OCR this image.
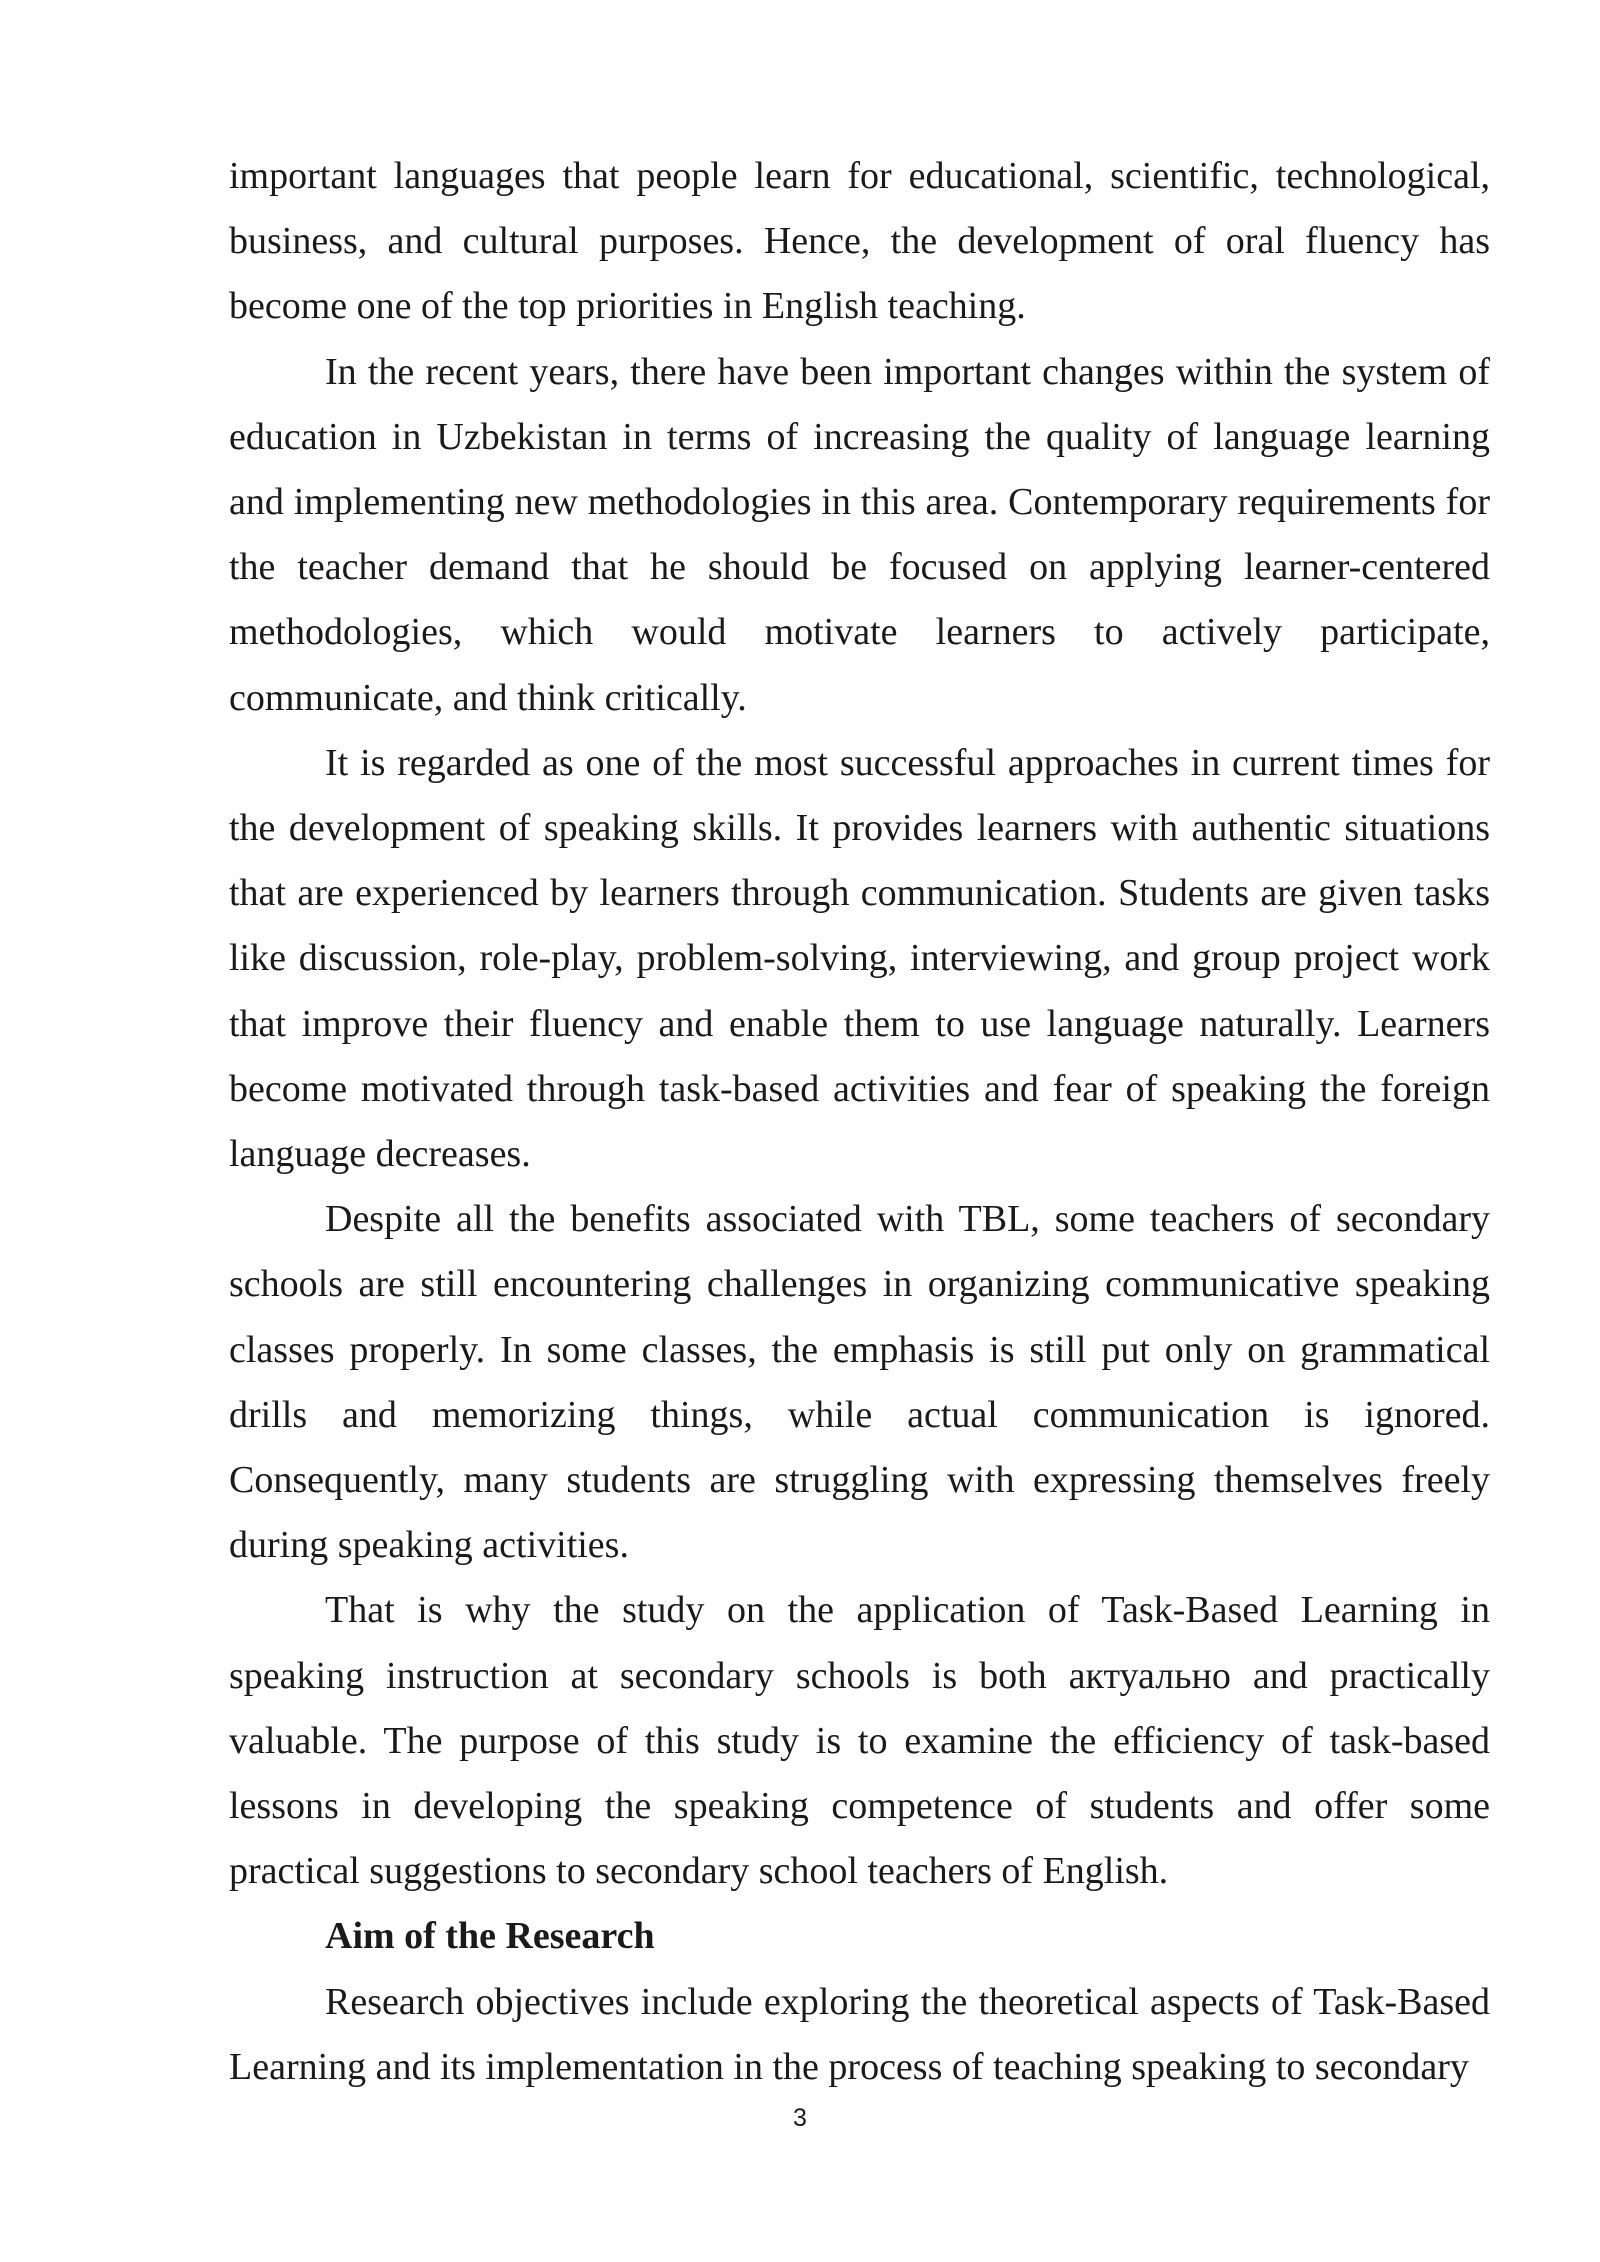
important languages that people learn for educational, scientific, technological, business, and cultural purposes. Hence, the development of oral fluency has become one of the top priorities in English teaching.

In the recent years, there have been important changes within the system of education in Uzbekistan in terms of increasing the quality of language learning and implementing new methodologies in this area. Contemporary requirements for the teacher demand that he should be focused on applying learner-centered methodologies, which would motivate learners to actively participate, communicate, and think critically.

It is regarded as one of the most successful approaches in current times for the development of speaking skills. It provides learners with authentic situations that are experienced by learners through communication. Students are given tasks like discussion, role-play, problem-solving, interviewing, and group project work that improve their fluency and enable them to use language naturally. Learners become motivated through task-based activities and fear of speaking the foreign language decreases.

Despite all the benefits associated with TBL, some teachers of secondary schools are still encountering challenges in organizing communicative speaking classes properly. In some classes, the emphasis is still put only on grammatical drills and memorizing things, while actual communication is ignored. Consequently, many students are struggling with expressing themselves freely during speaking activities.

That is why the study on the application of Task-Based Learning in speaking instruction at secondary schools is both актуально and practically valuable. The purpose of this study is to examine the efficiency of task-based lessons in developing the speaking competence of students and offer some practical suggestions to secondary school teachers of English.

Aim of the Research

Research objectives include exploring the theoretical aspects of Task-Based Learning and its implementation in the process of teaching speaking to secondary

3
